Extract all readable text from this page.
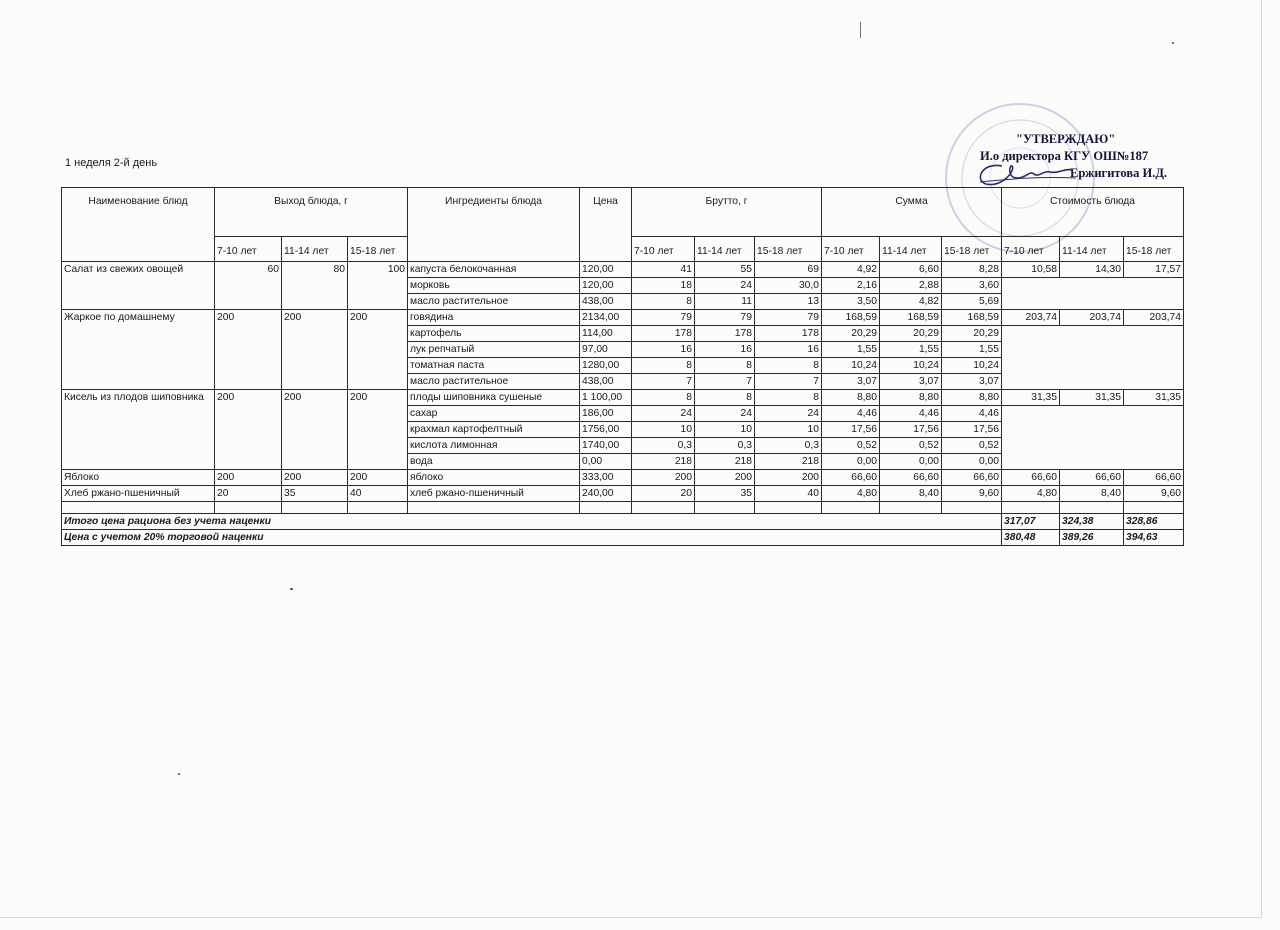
1 неделя 2-й день
"УТВЕРЖДАЮ"
И.о директора КГУ ОШ№187
Ержигитова И.Д.
Наименование блюд	Выход блюда, г			Ингредиенты блюда	Цена	Брутто, г			Сумма			Стоимость блюда		
	7-10 лет	11-14 лет	15-18 лет			7-10 лет	11-14 лет	15-18 лет	7-10 лет	11-14 лет	15-18 лет	7-10 лет	11-14 лет	15-18 лет
Салат из свежих овощей	60	80	100	капуста белокочанная	120,00	41	55	69	4,92	6,60	8,28	10,58	14,30	17,57
				морковь	120,00	18	24	30,0	2,16	2,88	3,60			
				масло растительное	438,00	8	11	13	3,50	4,82	5,69			
Жаркое по домашнему	200	200	200	говядина	2134,00	79	79	79	168,59	168,59	168,59	203,74	203,74	203,74
				картофель	114,00	178	178	178	20,29	20,29	20,29			
				лук репчатый	97,00	16	16	16	1,55	1,55	1,55			
				томатная паста	1280,00	8	8	8	10,24	10,24	10,24			
				масло растительное	438,00	7	7	7	3,07	3,07	3,07			
Кисель из плодов шиповника	200	200	200	плоды шиповника сушеные	1 100,00	8	8	8	8,80	8,80	8,80	31,35	31,35	31,35
				сахар	186,00	24	24	24	4,46	4,46	4,46			
				крахмал картофелтный	1756,00	10	10	10	17,56	17,56	17,56			
				кислота лимонная	1740,00	0,3	0,3	0,3	0,52	0,52	0,52			
				вода	0,00	218	218	218	0,00	0,00	0,00			
Яблоко	200	200	200	яблоко	333,00	200	200	200	66,60	66,60	66,60	66,60	66,60	66,60
Хлеб ржано-пшеничный	20	35	40	хлеб ржано-пшеничный	240,00	20	35	40	4,80	8,40	9,60	4,80	8,40	9,60

Итого цена рациона без учета наценки												317,07	324,38	328,86
Цена с учетом 20% торговой наценки												380,48	389,26	394,63
